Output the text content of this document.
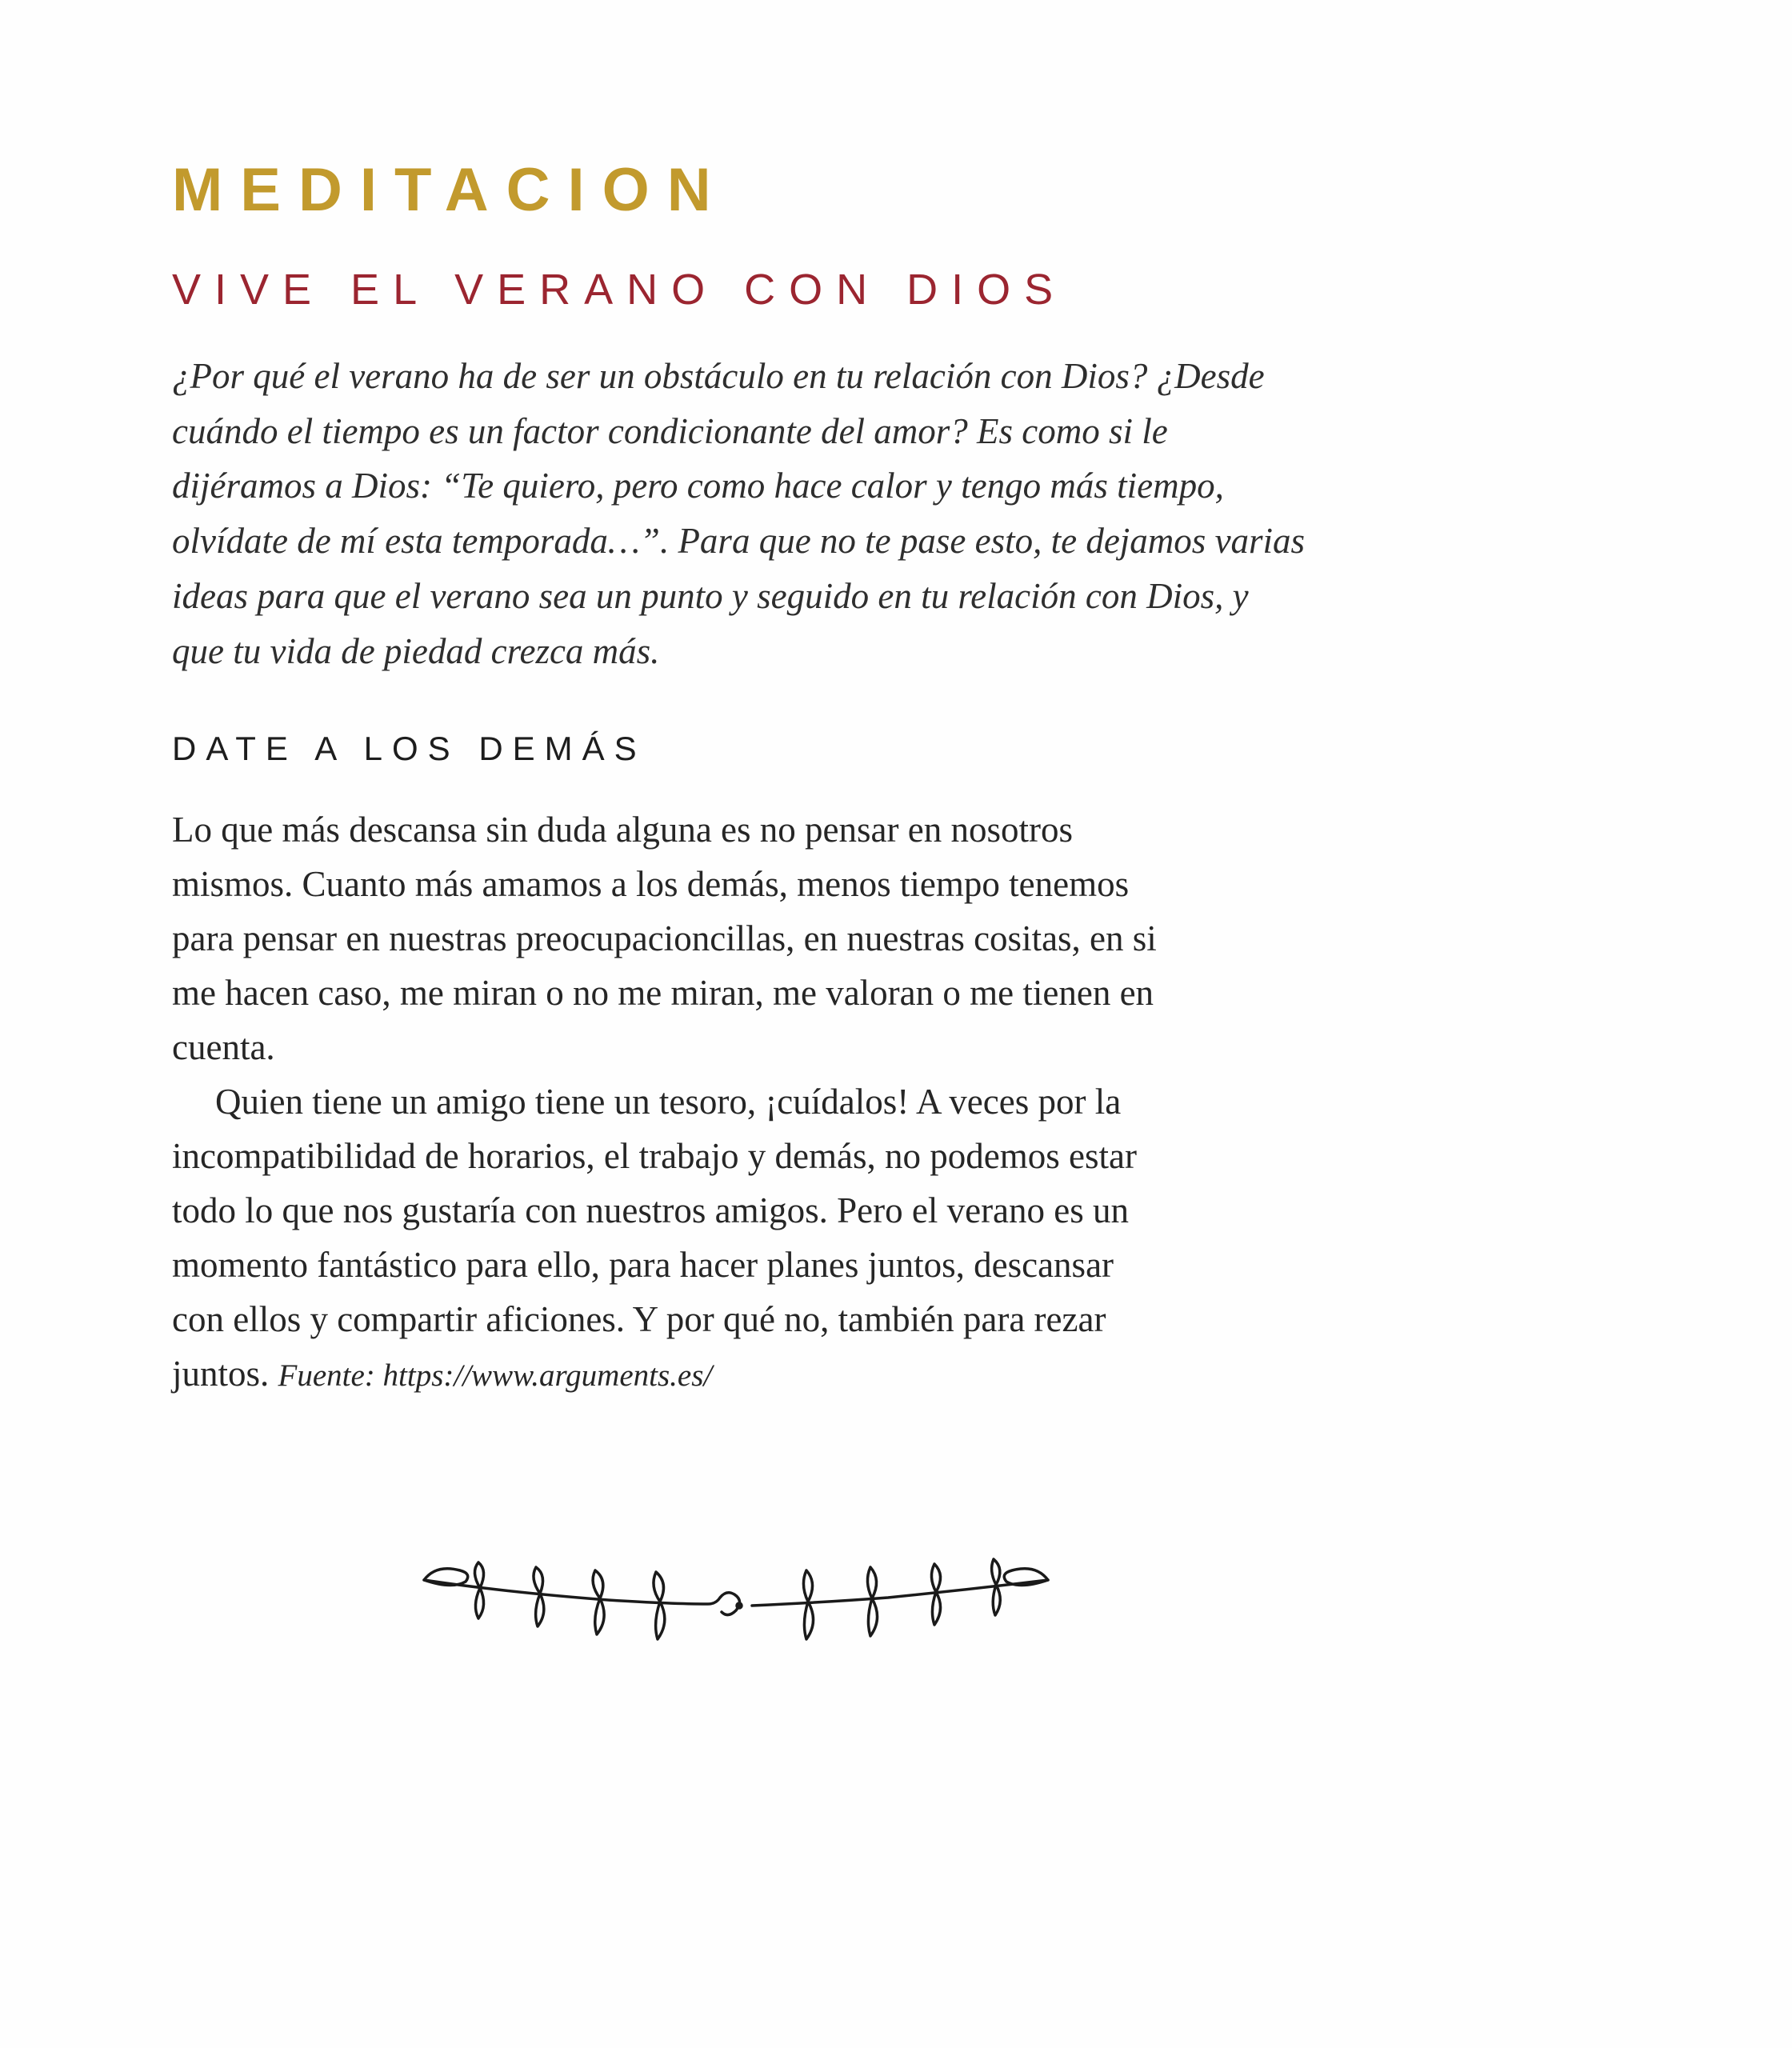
MEDITACION
VIVE EL VERANO CON DIOS

¿Por qué el verano ha de ser un obstáculo en tu relación con Dios? ¿Desde
cuándo el tiempo es un factor condicionante del amor? Es como si le
dijéramos a Dios: “Te quiero, pero como hace calor y tengo más tiempo,
olvídate de mí esta temporada…”. Para que no te pase esto, te dejamos varias
ideas para que el verano sea un punto y seguido en tu relación con Dios, y
que tu vida de piedad crezca más.

DATE A LOS DEMÁS

Lo que más descansa sin duda alguna es no pensar en nosotros
mismos. Cuanto más amamos a los demás, menos tiempo tenemos
para pensar en nuestras preocupacioncillas, en nuestras cositas, en si
me hacen caso, me miran o no me miran, me valoran o me tienen en
cuenta.

Quien tiene un amigo tiene un tesoro, ¡cuídalos! A veces por la
incompatibilidad de horarios, el trabajo y demás, no podemos estar
todo lo que nos gustaría con nuestros amigos. Pero el verano es un
momento fantástico para ello, para hacer planes juntos, descansar
con ellos y compartir aficiones. Y por qué no, también para rezar
juntos. Fuente: https://www.arguments.es/
